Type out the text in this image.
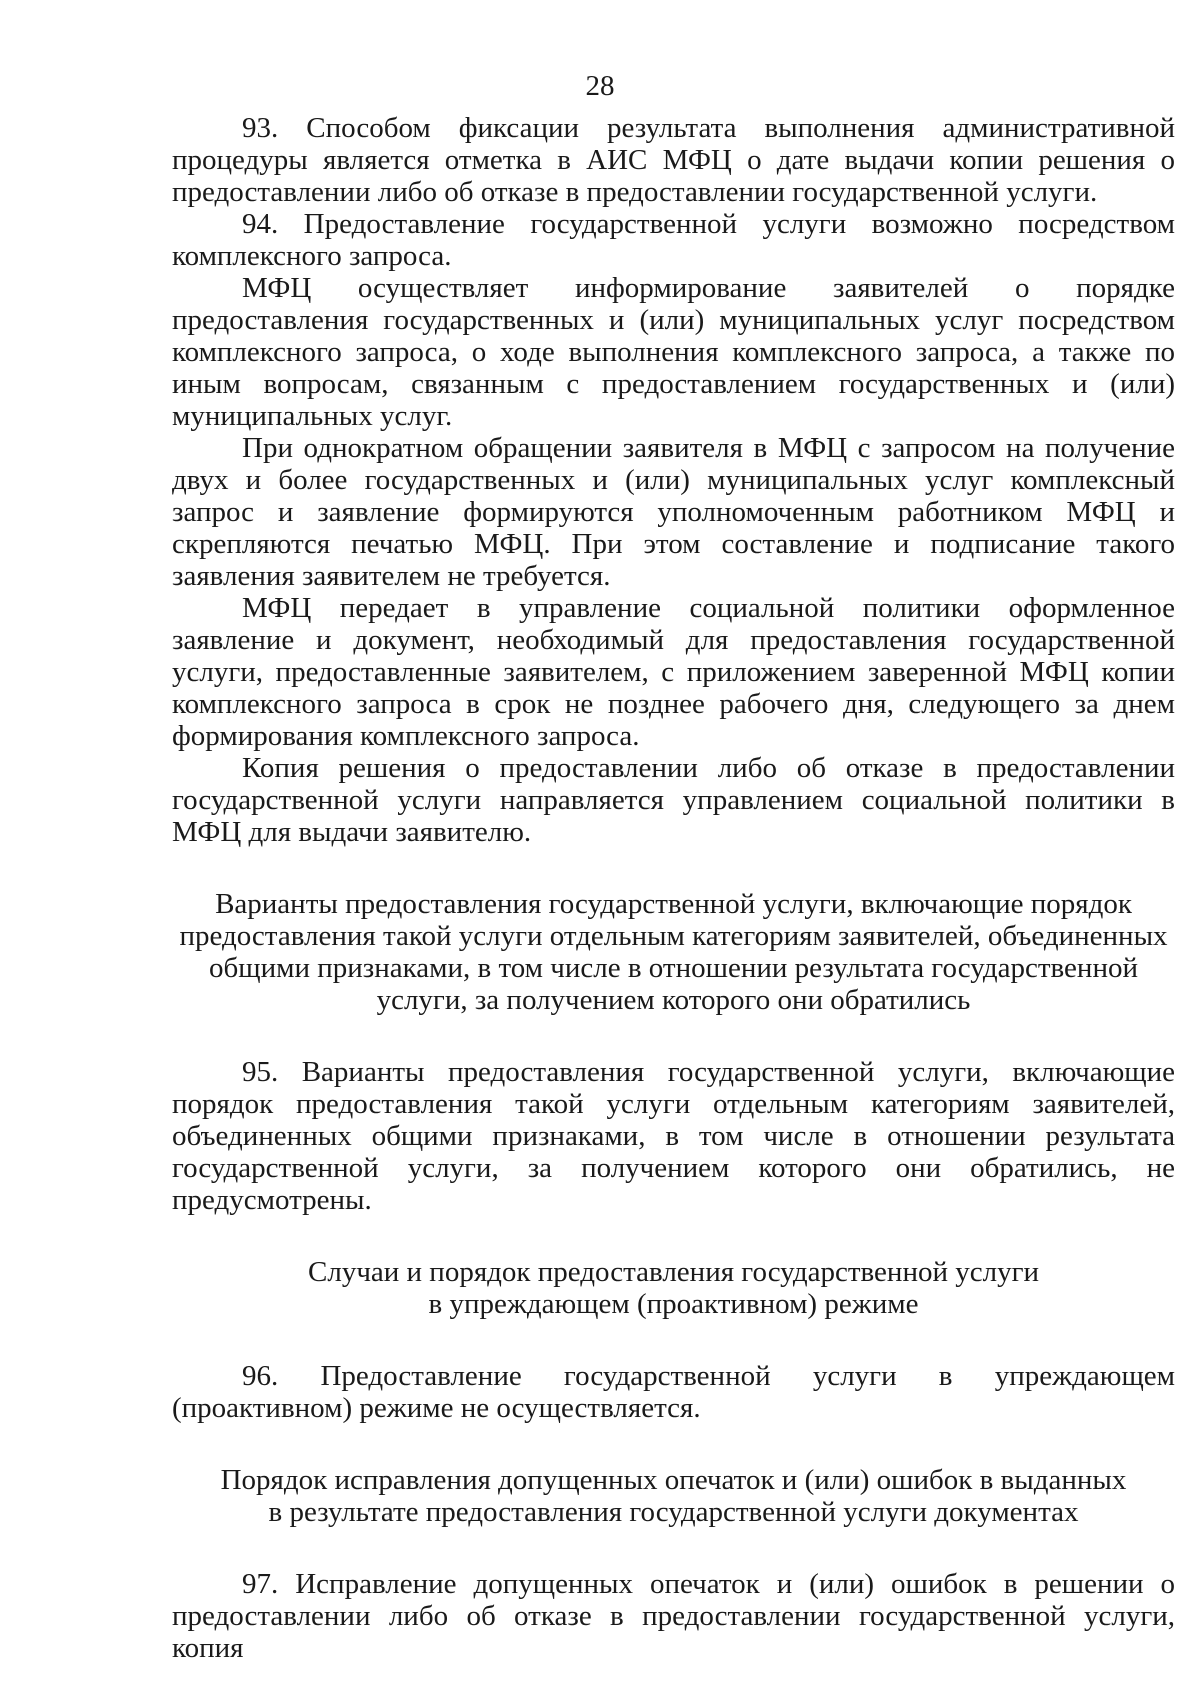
28

93. Способом фиксации результата выполнения административной процедуры является отметка в АИС МФЦ о дате выдачи копии решения о предоставлении либо об отказе в предоставлении государственной услуги.

94. Предоставление государственной услуги возможно посредством комплексного запроса.

МФЦ осуществляет информирование заявителей о порядке предоставления государственных и (или) муниципальных услуг посредством комплексного запроса, о ходе выполнения комплексного запроса, а также по иным вопросам, связанным с предоставлением государственных и (или) муниципальных услуг.

При однократном обращении заявителя в МФЦ с запросом на получение двух и более государственных и (или) муниципальных услуг комплексный запрос и заявление формируются уполномоченным работником МФЦ и скрепляются печатью МФЦ. При этом составление и подписание такого заявления заявителем не требуется.

МФЦ передает в управление социальной политики оформленное заявление и документ, необходимый для предоставления государственной услуги, предоставленные заявителем, с приложением заверенной МФЦ копии комплексного запроса в срок не позднее рабочего дня, следующего за днем формирования комплексного запроса.

Копия решения о предоставлении либо об отказе в предоставлении государственной услуги направляется управлением социальной политики в МФЦ для выдачи заявителю.

Варианты предоставления государственной услуги, включающие порядок
предоставления такой услуги отдельным категориям заявителей, объединенных
общими признаками, в том числе в отношении результата государственной
услуги, за получением которого они обратились

95. Варианты предоставления государственной услуги, включающие порядок предоставления такой услуги отдельным категориям заявителей, объединенных общими признаками, в том числе в отношении результата государственной услуги, за получением которого они обратились, не предусмотрены.

Случаи и порядок предоставления государственной услуги
в упреждающем (проактивном) режиме

96. Предоставление государственной услуги в упреждающем (проактивном) режиме не осуществляется.

Порядок исправления допущенных опечаток и (или) ошибок в выданных
в результате предоставления государственной услуги документах

97. Исправление допущенных опечаток и (или) ошибок в решении о предоставлении либо об отказе в предоставлении государственной услуги, копия
